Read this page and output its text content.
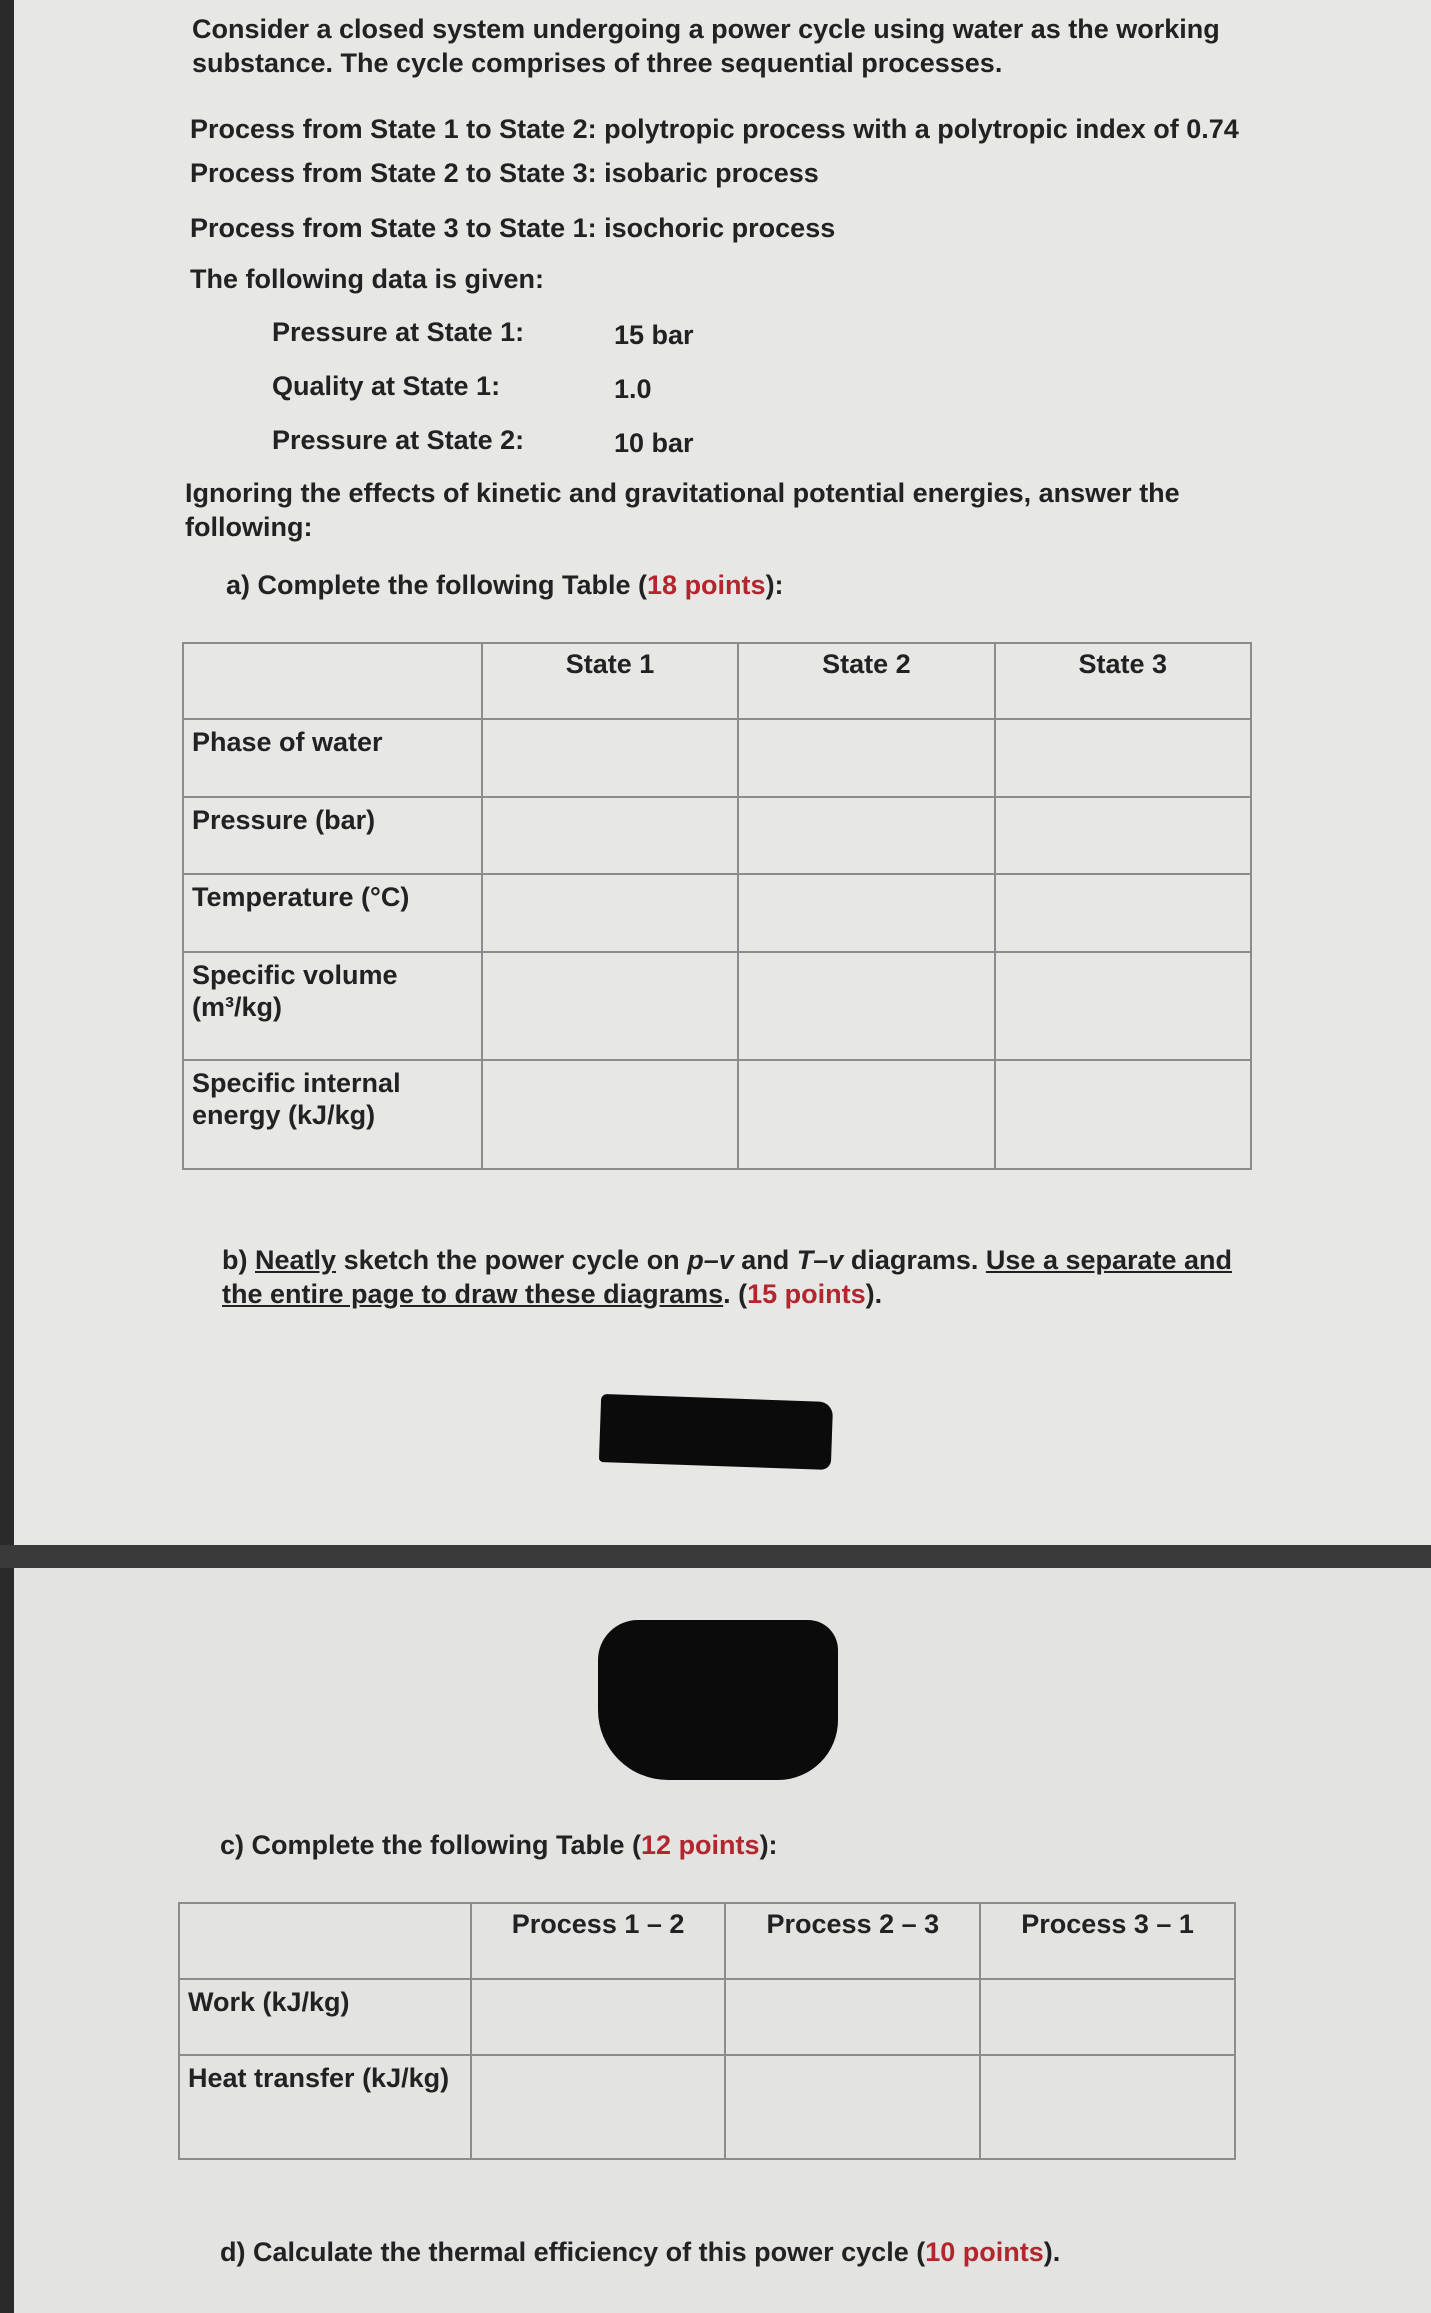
Consider a closed system undergoing a power cycle using water as the working substance. The cycle comprises of three sequential processes.
Process from State 1 to State 2: polytropic process with a polytropic index of 0.74
Process from State 2 to State 3: isobaric process
Process from State 3 to State 1: isochoric process
The following data is given:
Pressure at State 1:	15 bar
Quality at State 1:	1.0
Pressure at State 2:	10 bar
Ignoring the effects of kinetic and gravitational potential energies, answer the following:
a) Complete the following Table (18 points):
	State 1	State 2	State 3
Phase of water			
Pressure (bar)			
Temperature (°C)			
Specific volume (m³/kg)			
Specific internal energy (kJ/kg)			
b) Neatly sketch the power cycle on p–v and T–v diagrams. Use a separate and the entire page to draw these diagrams. (15 points).
c) Complete the following Table (12 points):
	Process 1 – 2	Process 2 – 3	Process 3 – 1
Work (kJ/kg)			
Heat transfer (kJ/kg)			
d) Calculate the thermal efficiency of this power cycle (10 points).
